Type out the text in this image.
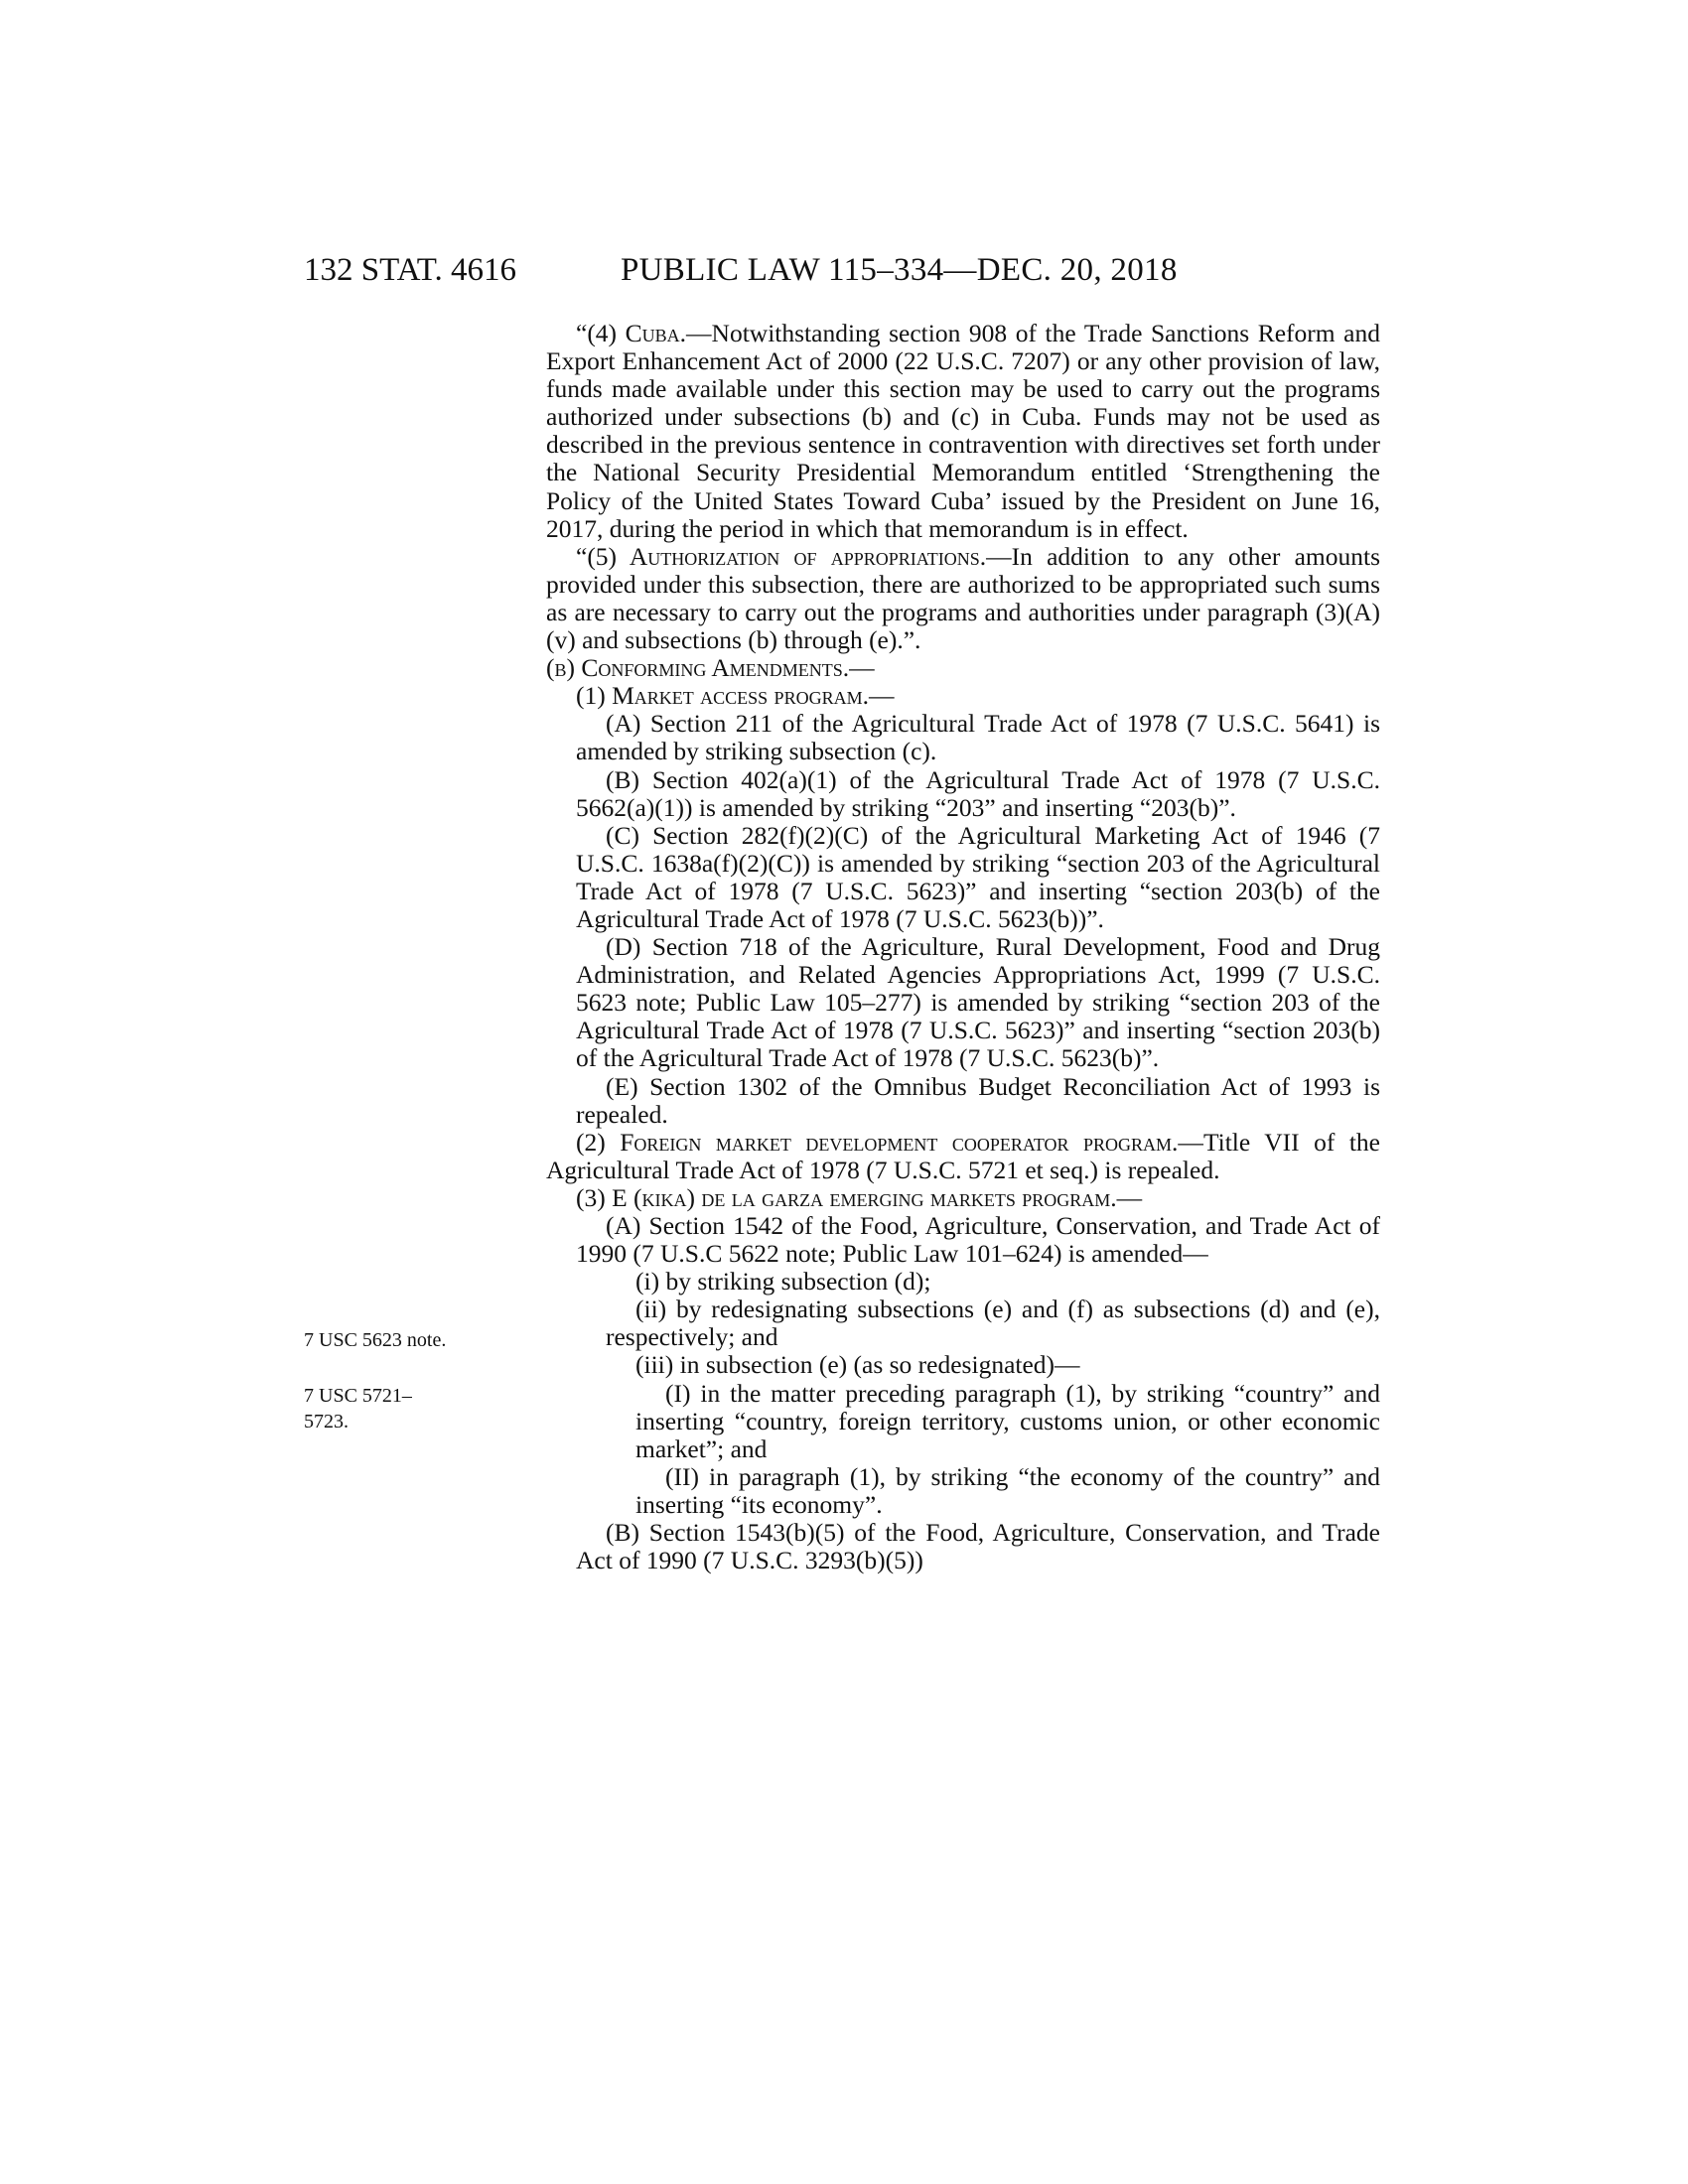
132 STAT. 4616	PUBLIC LAW 115–334—DEC. 20, 2018
7 USC 5623 note.
7 USC 5721–5723.
“(4) Cuba.—Notwithstanding section 908 of the Trade Sanctions Reform and Export Enhancement Act of 2000 (22 U.S.C. 7207) or any other provision of law, funds made available under this section may be used to carry out the programs authorized under subsections (b) and (c) in Cuba. Funds may not be used as described in the previous sentence in contravention with directives set forth under the National Security Presidential Memorandum entitled ‘Strengthening the Policy of the United States Toward Cuba’ issued by the President on June 16, 2017, during the period in which that memorandum is in effect.
“(5) Authorization of appropriations.—In addition to any other amounts provided under this subsection, there are authorized to be appropriated such sums as are necessary to carry out the programs and authorities under paragraph (3)(A)(v) and subsections (b) through (e).”.
(b) Conforming Amendments.—
(1) Market access program.—
(A) Section 211 of the Agricultural Trade Act of 1978 (7 U.S.C. 5641) is amended by striking subsection (c).
(B) Section 402(a)(1) of the Agricultural Trade Act of 1978 (7 U.S.C. 5662(a)(1)) is amended by striking “203” and inserting “203(b)”.
(C) Section 282(f)(2)(C) of the Agricultural Marketing Act of 1946 (7 U.S.C. 1638a(f)(2)(C)) is amended by striking “section 203 of the Agricultural Trade Act of 1978 (7 U.S.C. 5623)” and inserting “section 203(b) of the Agricultural Trade Act of 1978 (7 U.S.C. 5623(b))”.
(D) Section 718 of the Agriculture, Rural Development, Food and Drug Administration, and Related Agencies Appropriations Act, 1999 (7 U.S.C. 5623 note; Public Law 105–277) is amended by striking “section 203 of the Agricultural Trade Act of 1978 (7 U.S.C. 5623)” and inserting “section 203(b) of the Agricultural Trade Act of 1978 (7 U.S.C. 5623(b)”.
(E) Section 1302 of the Omnibus Budget Reconciliation Act of 1993 is repealed.
(2) Foreign market development cooperator program.—Title VII of the Agricultural Trade Act of 1978 (7 U.S.C. 5721 et seq.) is repealed.
(3) E (kika) de la garza emerging markets program.—
(A) Section 1542 of the Food, Agriculture, Conservation, and Trade Act of 1990 (7 U.S.C 5622 note; Public Law 101–624) is amended—
(i) by striking subsection (d);
(ii) by redesignating subsections (e) and (f) as subsections (d) and (e), respectively; and
(iii) in subsection (e) (as so redesignated)—
(I) in the matter preceding paragraph (1), by striking “country” and inserting “country, foreign territory, customs union, or other economic market”; and
(II) in paragraph (1), by striking “the economy of the country” and inserting “its economy”.
(B) Section 1543(b)(5) of the Food, Agriculture, Conservation, and Trade Act of 1990 (7 U.S.C. 3293(b)(5))
